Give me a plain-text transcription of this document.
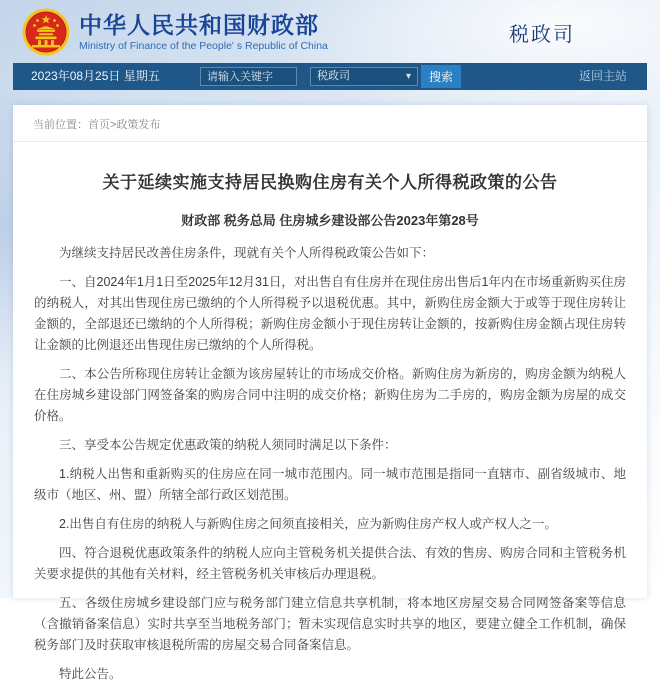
中华人民共和国财政部
Ministry of Finance of the People' s Republic of China	税政司
2023年08月25日 星期五
请输入关键字	税政司	▾	搜索	返回主站
当前位置：首页>政策发布
关于延续实施支持居民换购住房有关个人所得税政策的公告
财政部 税务总局 住房城乡建设部公告2023年第28号

为继续支持居民改善住房条件，现就有关个人所得税政策公告如下：

一、自2024年1月1日至2025年12月31日，对出售自有住房并在现住房出售后1年内在市场重新购买住房的纳税人，对其出售现住房已缴纳的个人所得税予以退税优惠。其中，新购住房金额大于或等于现住房转让金额的，全部退还已缴纳的个人所得税；新购住房金额小于现住房转让金额的，按新购住房金额占现住房转让金额的比例退还出售现住房已缴纳的个人所得税。

二、本公告所称现住房转让金额为该房屋转让的市场成交价格。新购住房为新房的，购房金额为纳税人在住房城乡建设部门网签备案的购房合同中注明的成交价格；新购住房为二手房的，购房金额为房屋的成交价格。

三、享受本公告规定优惠政策的纳税人须同时满足以下条件：

1.纳税人出售和重新购买的住房应在同一城市范围内。同一城市范围是指同一直辖市、副省级城市、地级市（地区、州、盟）所辖全部行政区划范围。

2.出售自有住房的纳税人与新购住房之间须直接相关，应为新购住房产权人或产权人之一。

四、符合退税优惠政策条件的纳税人应向主管税务机关提供合法、有效的售房、购房合同和主管税务机关要求提供的其他有关材料，经主管税务机关审核后办理退税。

五、各级住房城乡建设部门应与税务部门建立信息共享机制，将本地区房屋交易合同网签备案等信息（含撤销备案信息）实时共享至当地税务部门；暂未实现信息实时共享的地区，要建立健全工作机制，确保税务部门及时获取审核退税所需的房屋交易合同备案信息。

特此公告。
